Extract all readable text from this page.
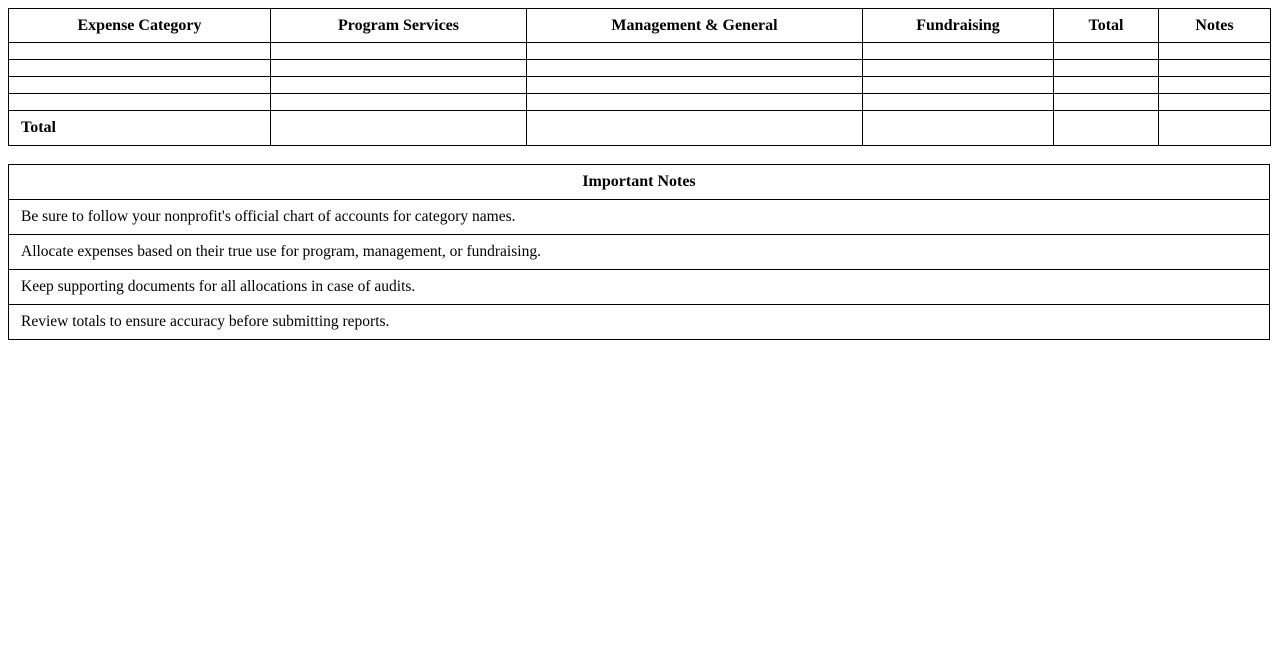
Expense Category	Program Services	Management & General	Fundraising	Total	Notes

Total					
Important Notes
Be sure to follow your nonprofit's official chart of accounts for category names.
Allocate expenses based on their true use for program, management, or fundraising.
Keep supporting documents for all allocations in case of audits.
Review totals to ensure accuracy before submitting reports.
